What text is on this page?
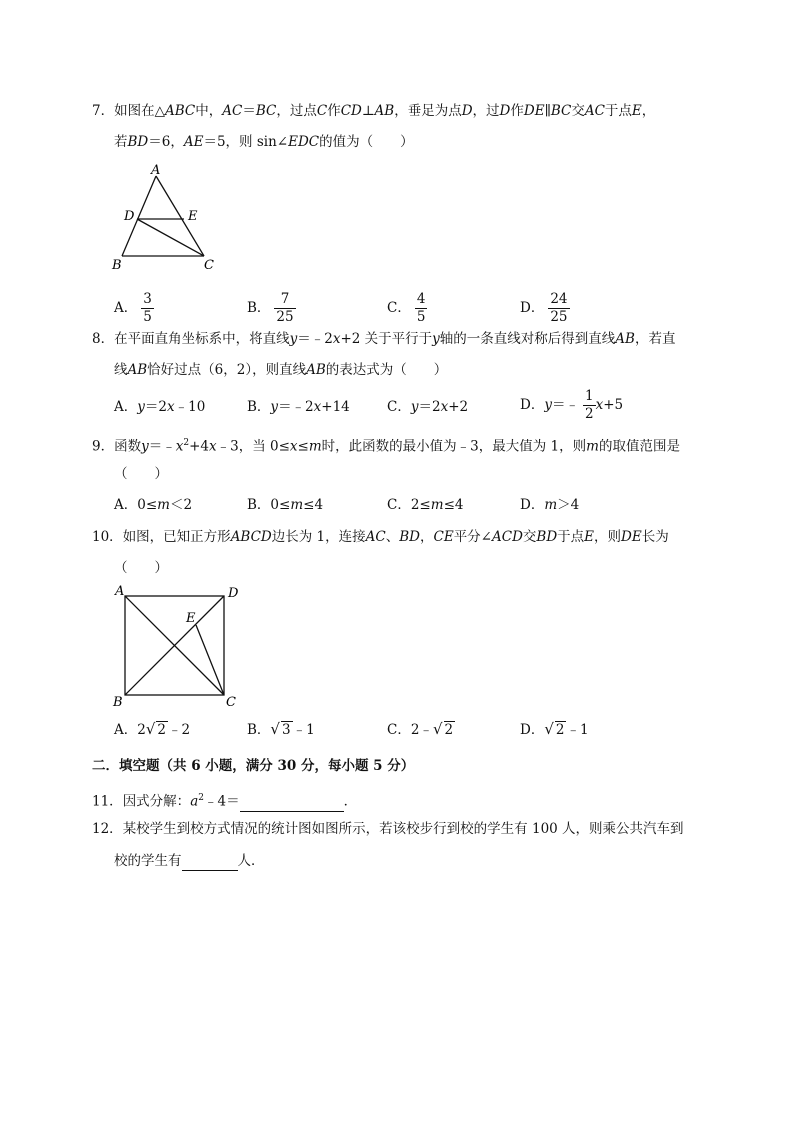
7．如图在△ABC中，AC＝BC，过点C作CD⊥AB，垂足为点D，过D作DE∥BC交AC于点E，
若BD＝6，AE＝5，则 sin∠EDC的值为（　　）
A
D	E
B	C
A． $\frac{3}{5}$	B． $\frac{7}{25}$	C． $\frac{4}{5}$	D． $\frac{24}{25}$
8．在平面直角坐标系中，将直线y＝﹣2x+2 关于平行于y轴的一条直线对称后得到直线AB，若直
线AB恰好过点（6，2），则直线AB的表达式为（　　）
A．y＝2x﹣10	B．y＝﹣2x+14	C．y＝2x+2	D．y＝﹣ $\frac{1}{2} x+5$
9．函数$y=﹣x^2+4x﹣3$，当 0≤x≤m时，此函数的最小值为﹣3，最大值为 1，则m的取值范围是
（　　）
A．0≤m＜2	B．0≤m≤4	C．2≤m≤4	D．m＞4
10．如图，已知正方形ABCD边长为 1，连接AC、BD，CE平分∠ACD交BD于点E，则DE长为
（　　）
A	D
E
B	C
A．2√ 2 ﹣2	B．√ 3 ﹣1	C．2﹣√ 2	D．√ 2 ﹣1
二．填空题（共 6 小题，满分 30 分，每小题 5 分）
11．因式分解：$a^2﹣4=$	．
12．某校学生到校方式情况的统计图如图所示，若该校步行到校的学生有 100 人，则乘公共汽车到
校的学生有	人．
